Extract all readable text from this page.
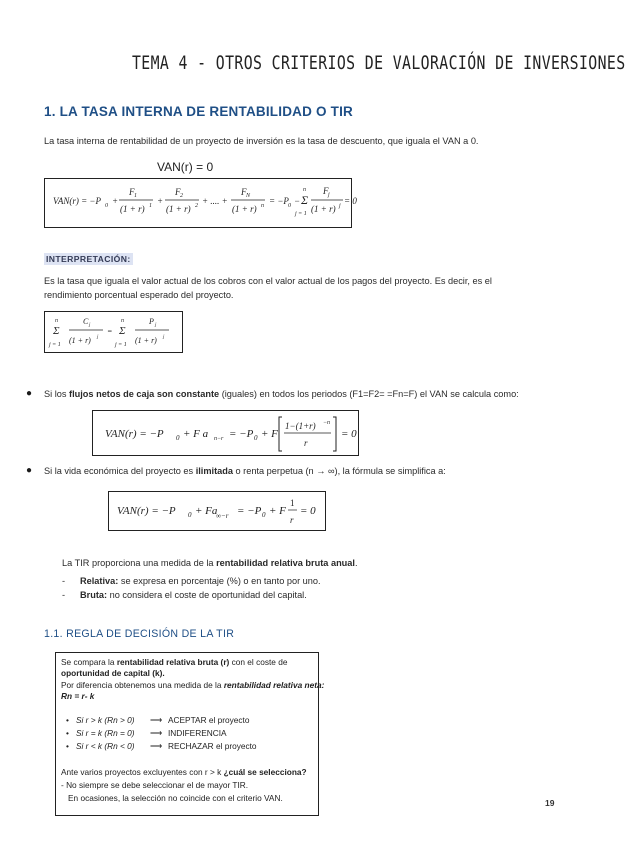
TEMA 4 - OTROS CRITERIOS DE VALORACIÓN DE INVERSIONES
1. LA TASA INTERNA DE RENTABILIDAD O TIR
La tasa interna de rentabilidad de un proyecto de inversión es la tasa de descuento, que iguala el VAN a 0.
VAN(r) = 0
VAN(r) = −P 0 +
F 1
(1 + r) 1 +
F 2
(1 + r) 2 + .... +
F N
(1 + r) n = −P 0 −
n
Σ
j = 1
F j
(1 + r) j = 0
INTERPRETACIÓN:
Es la tasa que iguala el valor actual de los cobros con el valor actual de los pagos del proyecto. Es decir, es el
rendimiento porcentual esperado del proyecto.
n
Σ
j = 1
C j
(1 + r) j
=
n
Σ
j = 1
P j
(1 + r) j
● Si los flujos netos de caja son constante (iguales) en todos los periodos (F1=F2= =Fn=F) el VAN se calcula como:
VAN(r) = −P 0 + F a n−r = −P 0 + F
1−(1+r) −n
r
= 0
● Si la vida económica del proyecto es ilimitada o renta perpetua (n → ∞), la fórmula se simplifica a:
VAN(r) = −P 0 + Fa
∞−r = −P 0 + F
1
r
= 0
La TIR proporciona una medida de la rentabilidad relativa bruta anual.
- Relativa: se expresa en porcentaje (%) o en tanto por uno.
- Bruta: no considera el coste de oportunidad del capital.
1.1. REGLA DE DECISIÓN DE LA TIR
Se compara la rentabilidad relativa bruta (r) con el coste de
oportunidad de capital (k).
Por diferencia obtenemos una medida de la rentabilidad relativa neta:
Rn = r- k
• Si r > k (Rn > 0) ⟶ ACEPTAR el proyecto
• Si r = k (Rn = 0) ⟶ INDIFERENCIA
• Si r < k (Rn < 0) ⟶ RECHAZAR el proyecto
Ante varios proyectos excluyentes con r > k ¿cuál se selecciona?
- No siempre se debe seleccionar el de mayor TIR.
En ocasiones, la selección no coincide con el criterio VAN.	19
